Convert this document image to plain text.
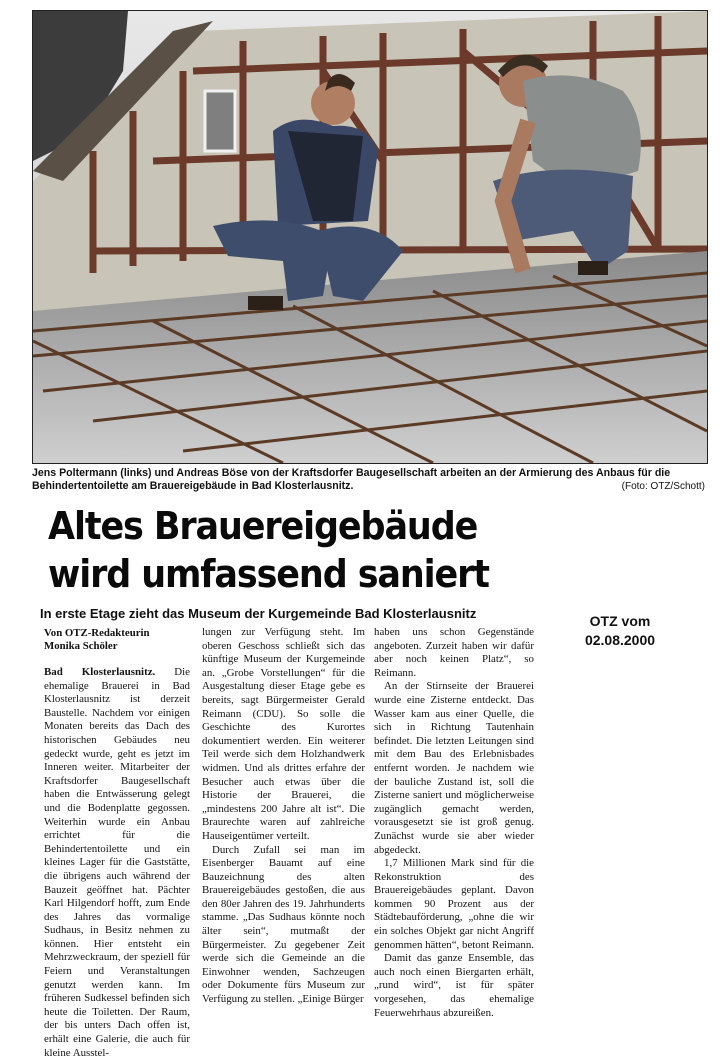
Jens Poltermann (links) und Andreas Böse von der Kraftsdorfer Baugesellschaft arbeiten an der Armierung des Anbaus für die Behindertentoilette am Brauereigebäude in Bad Klosterlausnitz.	(Foto: OTZ/Schott)
Altes Brauereigebäude
wird umfassend saniert
In erste Etage zieht das Museum der Kurgemeinde Bad Klosterlausnitz	OTZ vom
02.08.2000
Von OTZ-Redakteurin
Monika Schöler

Bad Klosterlausnitz. Die ehemalige Brauerei in Bad Klosterlausnitz ist derzeit Baustelle. Nachdem vor einigen Monaten bereits das Dach des historischen Gebäudes neu gedeckt wurde, geht es jetzt im Inneren weiter. Mitarbeiter der Kraftsdorfer Baugesellschaft haben die Entwässerung gelegt und die Bodenplatte gegossen. Weiterhin wurde ein Anbau errichtet für die Behindertentoilette und ein kleines Lager für die Gaststätte, die übrigens auch während der Bauzeit geöffnet hat. Pächter Karl Hilgendorf hofft, zum Ende des Jahres das vormalige Sudhaus, in Besitz nehmen zu können. Hier entsteht ein Mehrzweckraum, der speziell für Feiern und Veranstaltungen genutzt werden kann. Im früheren Sudkessel befinden sich heute die Toiletten. Der Raum, der bis unters Dach offen ist, erhält eine Galerie, die auch für kleine Ausstel-

lungen zur Verfügung steht. Im oberen Geschoss schließt sich das künftige Museum der Kurgemeinde an. „Grobe Vorstellungen“ für die Ausgestaltung dieser Etage gebe es bereits, sagt Bürgermeister Gerald Reimann (CDU). So solle die Geschichte des Kurortes dokumentiert werden. Ein weiterer Teil werde sich dem Holzhandwerk widmen. Und als drittes erfahre der Besucher auch etwas über die Historie der Brauerei, die „mindestens 200 Jahre alt ist“. Die Braurechte waren auf zahlreiche Hauseigentümer verteilt.

Durch Zufall sei man im Eisenberger Bauamt auf eine Bauzeichnung des alten Brauereigebäudes gestoßen, die aus den 80er Jahren des 19. Jahrhunderts stamme. „Das Sudhaus könnte noch älter sein“, mutmaßt der Bürgermeister. Zu gegebener Zeit werde sich die Gemeinde an die Einwohner wenden, Sachzeugen oder Dokumente fürs Museum zur Verfügung zu stellen. „Einige Bürger

haben uns schon Gegenstände angeboten. Zurzeit haben wir dafür aber noch keinen Platz“, so Reimann.

An der Stirnseite der Brauerei wurde eine Zisterne entdeckt. Das Wasser kam aus einer Quelle, die sich in Richtung Tautenhain befindet. Die letzten Leitungen sind mit dem Bau des Erlebnisbades entfernt worden. Je nachdem wie der bauliche Zustand ist, soll die Zisterne saniert und möglicherweise zugänglich gemacht werden, vorausgesetzt sie ist groß genug. Zunächst wurde sie aber wieder abgedeckt.

1,7 Millionen Mark sind für die Rekonstruktion des Brauereigebäudes geplant. Davon kommen 90 Prozent aus der Städtebauförderung, „ohne die wir ein solches Objekt gar nicht Angriff genommen hätten“, betont Reimann.

Damit das ganze Ensemble, das auch noch einen Biergarten erhält, „rund wird“, ist für später vorgesehen, das ehemalige Feuerwehrhaus abzureißen.
